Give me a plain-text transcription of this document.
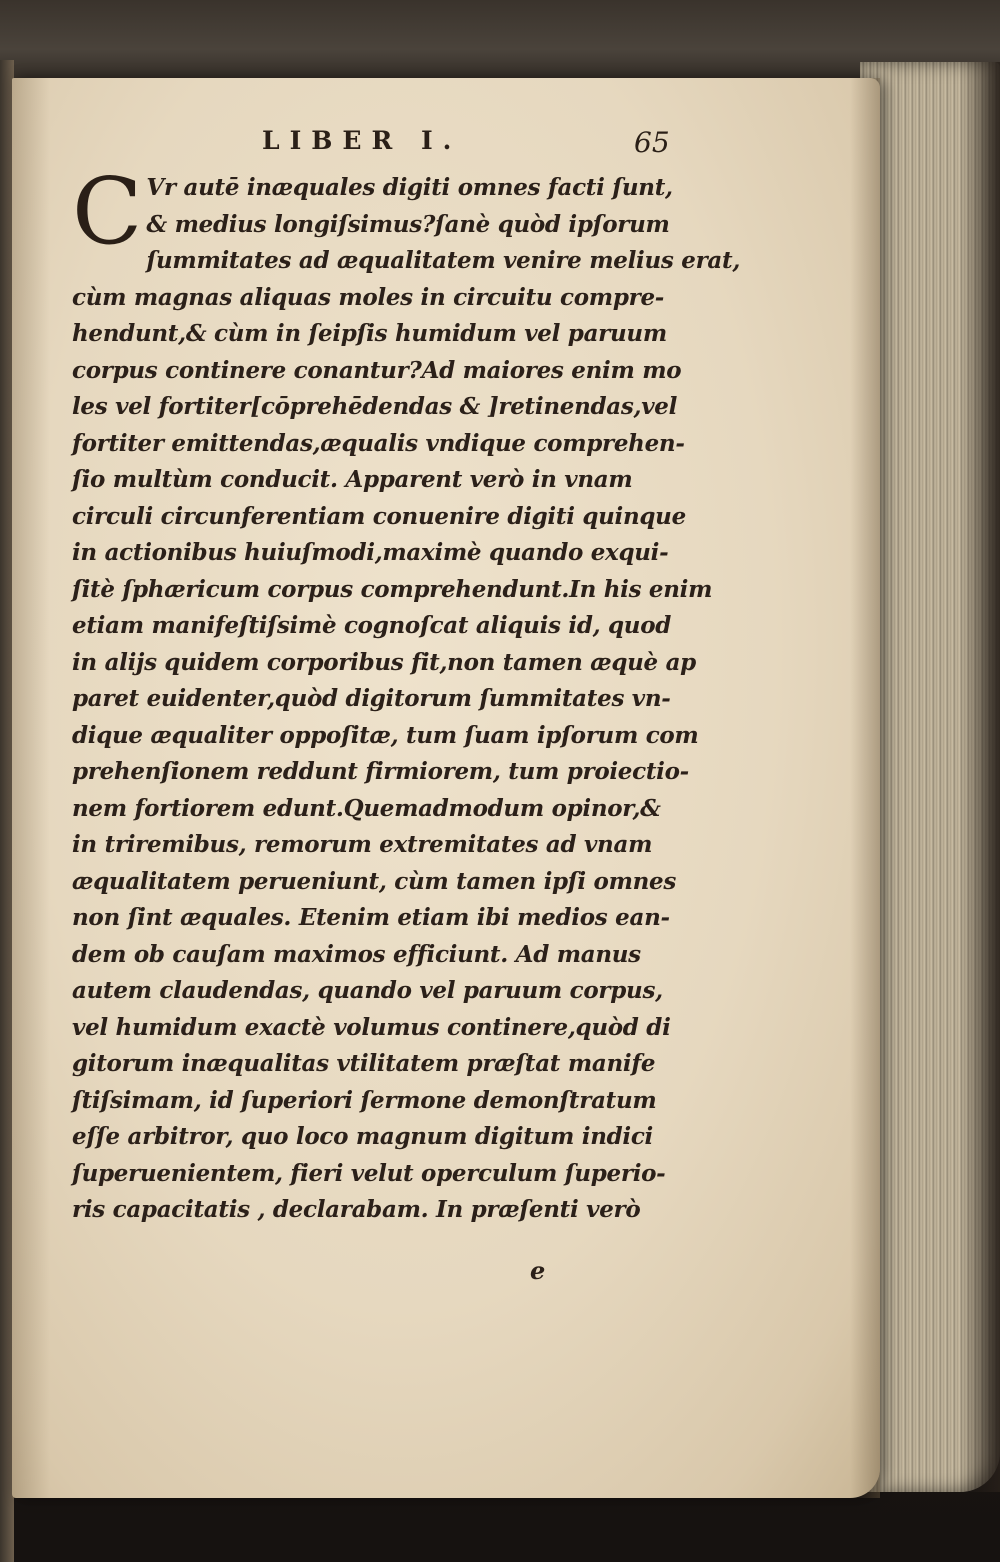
LIBER I.	65
C Vr autē inæquales digiti omnes facti ſunt,
& medius longiſsimus?ſanè quòd ipſorum
ſummitates ad æqualitatem venire melius erat,
cùm magnas aliquas moles in circuitu compre-
hendunt,& cùm in ſeipſis humidum vel paruum
corpus continere conantur?Ad maiores enim mo
les vel fortiter[cōprehēdendas & ]retinendas,vel
fortiter emittendas,æqualis vndique comprehen-
ſio multùm conducit. Apparent verò in vnam
circuli circunferentiam conuenire digiti quinque
in actionibus huiuſmodi,maximè quando exqui-
ſitè ſphæricum corpus comprehendunt.In his enim
etiam manifeſtiſsimè cognoſcat aliquis id, quod
in alijs quidem corporibus fit,non tamen æquè ap
paret euidenter,quòd digitorum ſummitates vn-
dique æqualiter oppoſitæ, tum ſuam ipſorum com
prehenſionem reddunt firmiorem, tum proiectio-
nem fortiorem edunt.Quemadmodum opinor,&
in triremibus, remorum extremitates ad vnam
æqualitatem perueniunt, cùm tamen ipſi omnes
non ſint æquales. Etenim etiam ibi medios ean-
dem ob cauſam maximos efficiunt. Ad manus
autem claudendas, quando vel paruum corpus,
vel humidum exactè volumus continere,quòd di
gitorum inæqualitas vtilitatem præſtat manife
ſtiſsimam, id ſuperiori ſermone demonſtratum
eſſe arbitror, quo loco magnum digitum indici
ſuperuenientem, fieri velut operculum ſuperio-
ris capacitatis , declarabam. In præſenti verò
e
